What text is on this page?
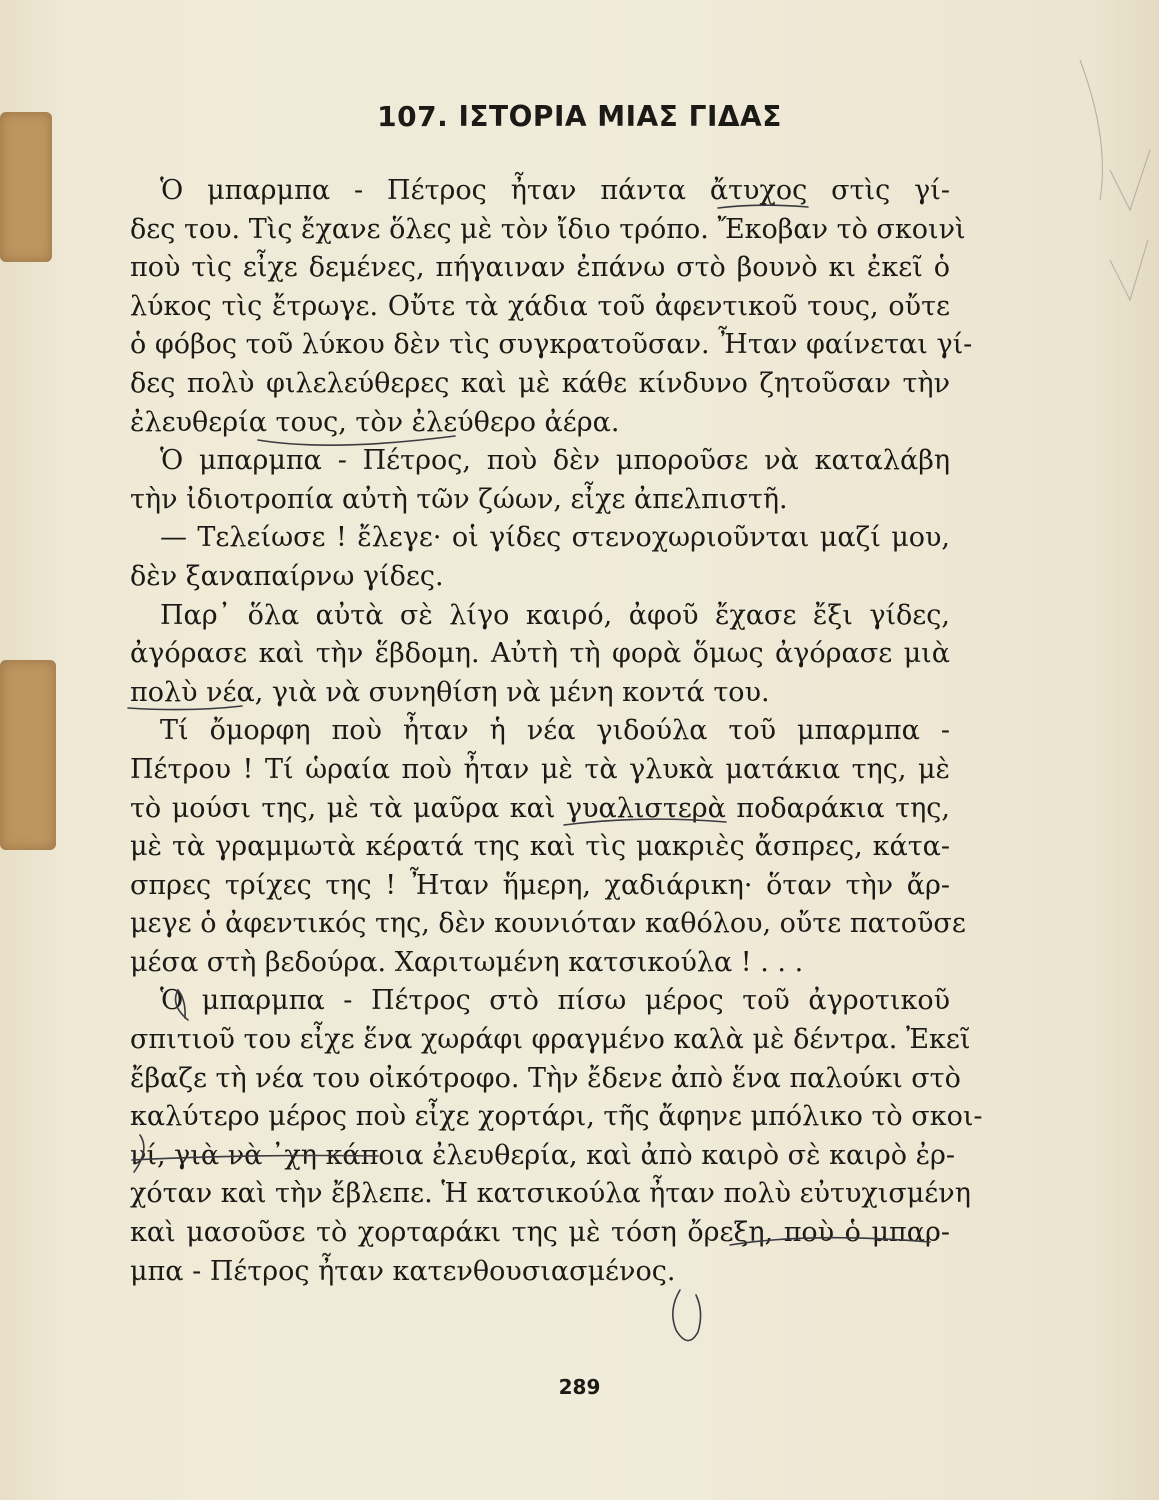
107. ΙΣΤΟΡΙΑ ΜΙΑΣ ΓΙΔΑΣ
Ὁ μπαρμπα - Πέτρος ἦταν πάντα ἄτυχος στὶς γί-
δες του. Τὶς ἔχανε ὅλες μὲ τὸν ἴδιο τρόπο. Ἔκοβαν τὸ σκοινὶ
ποὺ τὶς εἶχε δεμένες, πήγαιναν ἐπάνω στὸ βουνὸ κι ἐκεῖ ὁ
λύκος τὶς ἔτρωγε. Οὔτε τὰ χάδια τοῦ ἀφεντικοῦ τους, οὔτε
ὁ φόβος τοῦ λύκου δὲν τὶς συγκρατοῦσαν. Ἦταν φαίνεται γί-
δες πολὺ φιλελεύθερες καὶ μὲ κάθε κίνδυνο ζητοῦσαν τὴν
ἐλευθερία τους, τὸν ἐλεύθερο ἀέρα.
Ὁ μπαρμπα - Πέτρος, ποὺ δὲν μποροῦσε νὰ καταλάβη
τὴν ἰδιοτροπία αὐτὴ τῶν ζώων, εἶχε ἀπελπιστῆ.
— Τελείωσε ! ἔλεγε· οἱ γίδες στενοχωριοῦνται μαζί μου,
δὲν ξαναπαίρνω γίδες.
Παρ᾽ ὅλα αὐτὰ σὲ λίγο καιρό, ἀφοῦ ἔχασε ἔξι γίδες,
ἀγόρασε καὶ τὴν ἕβδομη. Αὐτὴ τὴ φορὰ ὅμως ἀγόρασε μιὰ
πολὺ νέα, γιὰ νὰ συνηθίση νὰ μένη κοντά του.
Τί ὄμορφη ποὺ ἦταν ἡ νέα γιδούλα τοῦ μπαρμπα -
Πέτρου ! Τί ὡραία ποὺ ἦταν μὲ τὰ γλυκὰ ματάκια της, μὲ
τὸ μούσι της, μὲ τὰ μαῦρα καὶ γυαλιστερὰ ποδαράκια της,
μὲ τὰ γραμμωτὰ κέρατά της καὶ τὶς μακριὲς ἄσπρες, κάτα-
σπρες τρίχες της ! Ἦταν ἥμερη, χαδιάρικη· ὅταν τὴν ἄρ-
μεγε ὁ ἀφεντικός της, δὲν κουνιόταν καθόλου, οὔτε πατοῦσε
μέσα στὴ βεδούρα. Χαριτωμένη κατσικούλα ! . . .
Ὁ μπαρμπα - Πέτρος στὸ πίσω μέρος τοῦ ἀγροτικοῦ
σπιτιοῦ του εἶχε ἕνα χωράφι φραγμένο καλὰ μὲ δέντρα. Ἐκεῖ
ἔβαζε τὴ νέα του οἰκότροφο. Τὴν ἔδενε ἀπὸ ἕνα παλούκι στὸ
καλύτερο μέρος ποὺ εἶχε χορτάρι, τῆς ἄφηνε μπόλικο τὸ σκοι-
νί, γιὰ νὰ ᾽χη κάποια ἐλευθερία, καὶ ἀπὸ καιρὸ σὲ καιρὸ ἐρ-
χόταν καὶ τὴν ἔβλεπε. Ἡ κατσικούλα ἦταν πολὺ εὐτυχισμένη
καὶ μασοῦσε τὸ χορταράκι της μὲ τόση ὄρεξη, ποὺ ὁ μπαρ-
μπα - Πέτρος ἦταν κατενθουσιασμένος.
289
